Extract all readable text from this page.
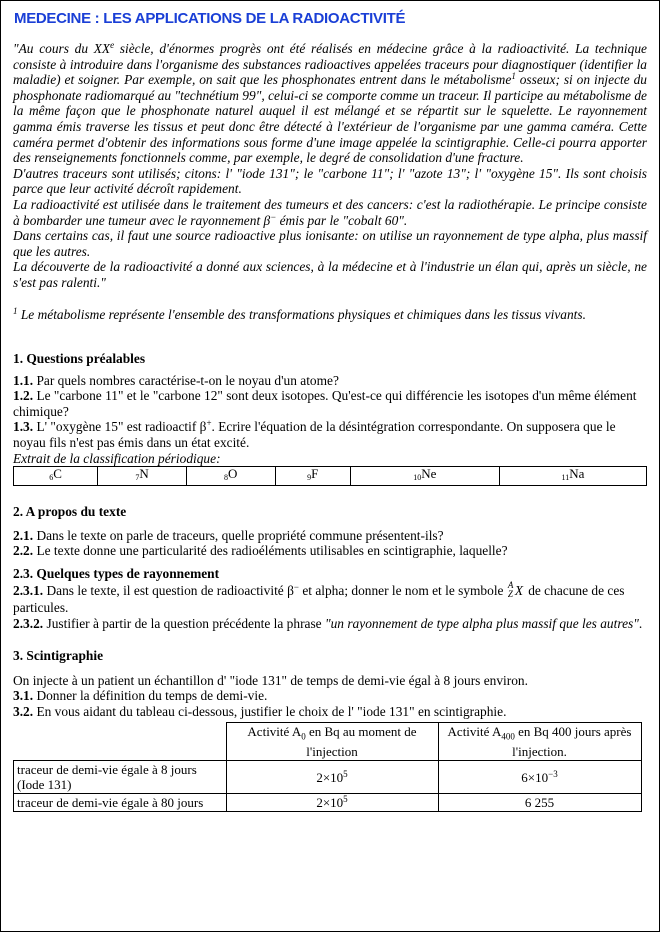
MEDECINE : LES APPLICATIONS DE LA RADIOACTIVITÉ

"Au cours du XXe siècle, d'énormes progrès ont été réalisés en médecine grâce à la radioactivité. La technique consiste à introduire dans l'organisme des substances radioactives appelées traceurs pour diagnostiquer (identifier la maladie) et soigner. Par exemple, on sait que les phosphonates entrent dans le métabolisme$^1$ osseux; si on injecte du phosphonate radiomarqué au "technétium 99", celui-ci se comporte comme un traceur. Il participe au métabolisme de la même façon que le phosphonate naturel auquel il est mélangé et se répartit sur le squelette. Le rayonnement gamma émis traverse les tissus et peut donc être détecté à l'extérieur de l'organisme par une gamma caméra. Cette caméra permet d'obtenir des informations sous forme d'une image appelée la scintigraphie. Celle-ci pourra apporter des renseignements fonctionnels comme, par exemple, le degré de consolidation d'une fracture.

D'autres traceurs sont utilisés; citons: l' "iode 131"; le "carbone 11"; l' "azote 13"; l' "oxygène 15". Ils sont choisis parce que leur activité décroît rapidement.

La radioactivité est utilisée dans le traitement des tumeurs et des cancers: c'est la radiothérapie. Le principe consiste à bombarder une tumeur avec le rayonnement β− émis par le "cobalt 60".

Dans certains cas, il faut une source radioactive plus ionisante: on utilise un rayonnement de type alpha, plus massif que les autres.

La découverte de la radioactivité a donné aux sciences, à la médecine et à l'industrie un élan qui, après un siècle, ne s'est pas ralenti."

$^1$ Le métabolisme représente l'ensemble des transformations physiques et chimiques dans les tissus vivants.
1. Questions préalables

1.1. Par quels nombres caractérise-t-on le noyau d'un atome?

1.2. Le "carbone 11" et le "carbone 12" sont deux isotopes. Qu'est-ce qui différencie les isotopes d'un même élément chimique?

1.3. L' "oxygène 15" est radioactif β+. Ecrire l'équation de la désintégration correspondante. On supposera que le noyau fils n'est pas émis dans un état excité.

Extrait de la classification périodique:

6C	7N	8O	9F	10Ne	11Na
2. A propos du texte

2.1. Dans le texte on parle de traceurs, quelle propriété commune présentent-ils?

2.2. Le texte donne une particularité des radioéléments utilisables en scintigraphie, laquelle?

2.3. Quelques types de rayonnement

2.3.1. Dans le texte, il est question de radioactivité β− et alpha; donner le nom et le symbole A
Z X de chacune de ces particules.

2.3.2. Justifier à partir de la question précédente la phrase "un rayonnement de type alpha plus massif que les autres".

3. Scintigraphie

On injecte à un patient un échantillon d' "iode 131" de temps de demi-vie égal à 8 jours environ.

3.1. Donner la définition du temps de demi-vie.

3.2. En vous aidant du tableau ci-dessous, justifier le choix de l' "iode 131" en scintigraphie.

	Activité $A_0$ en Bq au moment de l'injection	Activité $A_{400}$ en Bq 400 jours après l'injection.
traceur de demi-vie égale à 8 jours (Iode 131)	$2\times 10^5$	$6\times 10^{-3}$
traceur de demi-vie égale à 80 jours	$2\times 10^5$	6 255
